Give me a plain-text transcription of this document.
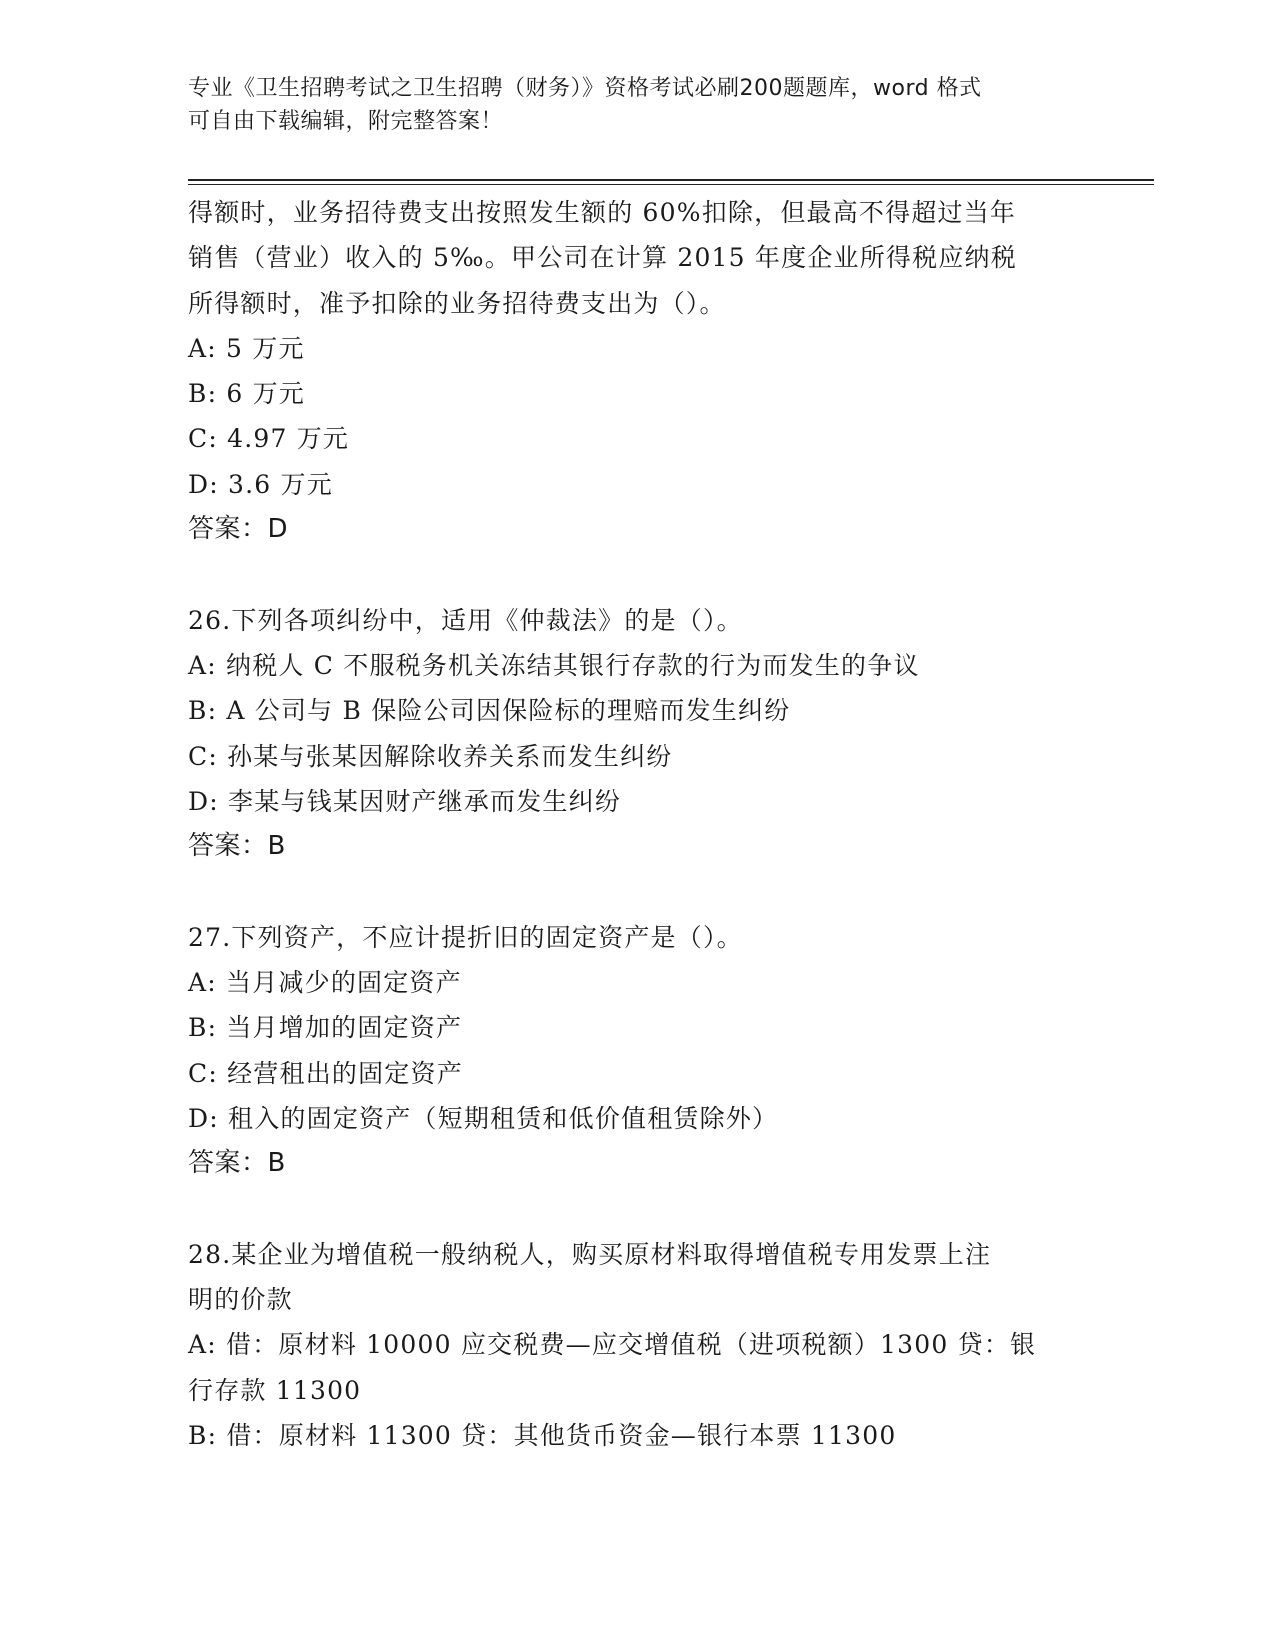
专业《卫生招聘考试之卫生招聘（财务）》资格考试必刷200题题库，word 格式
可自由下载编辑，附完整答案！
得额时，业务招待费支出按照发生额的 60%扣除，但最高不得超过当年
销售（营业）收入的 5‰。甲公司在计算 2015 年度企业所得税应纳税
所得额时，准予扣除的业务招待费支出为（）。
A: 5 万元
B: 6 万元
C: 4.97 万元
D: 3.6 万元
答案：D
26.下列各项纠纷中，适用《仲裁法》的是（）。
A: 纳税人 C 不服税务机关冻结其银行存款的行为而发生的争议
B: A 公司与 B 保险公司因保险标的理赔而发生纠纷
C: 孙某与张某因解除收养关系而发生纠纷
D: 李某与钱某因财产继承而发生纠纷
答案：B
27.下列资产，不应计提折旧的固定资产是（）。
A: 当月减少的固定资产
B: 当月增加的固定资产
C: 经营租出的固定资产
D: 租入的固定资产（短期租赁和低价值租赁除外）
答案：B
28.某企业为增值税一般纳税人，购买原材料取得增值税专用发票上注
明的价款
A: 借：原材料 10000 应交税费—应交增值税（进项税额）1300 贷：银
行存款 11300
B: 借：原材料 11300 贷：其他货币资金—银行本票 11300
